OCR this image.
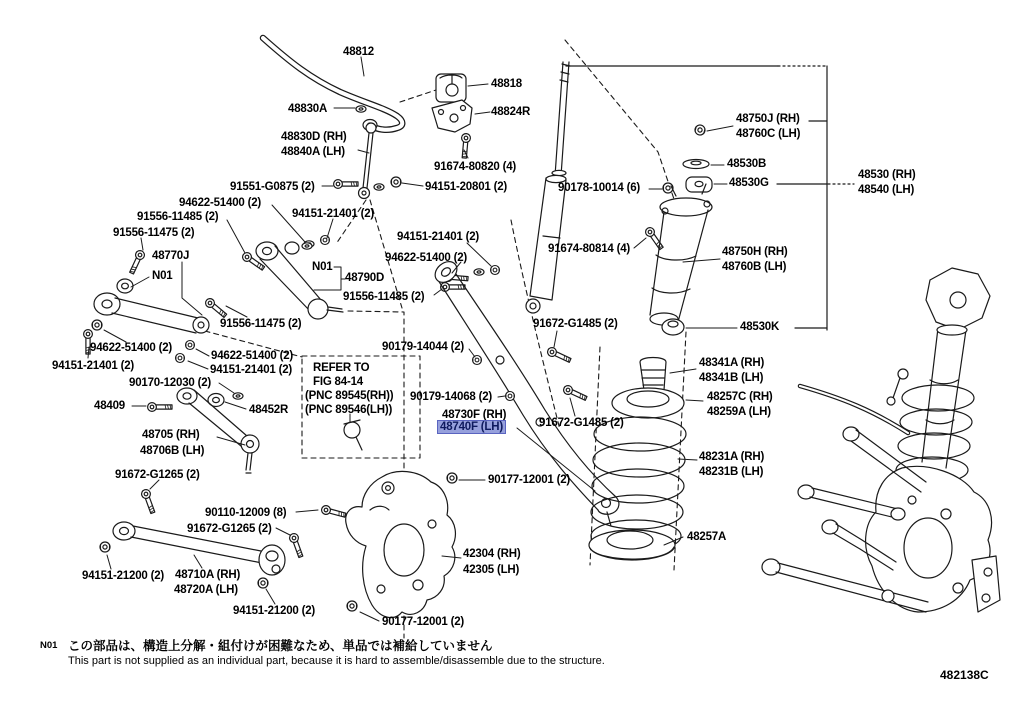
48812
48818
48830A	48824R
48830D (RH)
48840A (LH)
91674-80820 (4)
90178-10014 (6)
94151-20801 (2)
91551-G0875 (2)
94622-51400 (2)
94151-21401 (2)
91556-11485 (2)
91556-11475 (2)
48770J
N01
N01
48790D
91556-11485 (2)
91556-11475 (2)
94151-21401 (2)
94622-51400 (2)
91674-80814 (4)
90179-14044 (2)
REFER TO
FIG 84-14
(PNC 89545(RH))
(PNC 89546(LH))
90179-14068 (2)
48730F (RH)
48740F (LH)
91672-G1485 (2)
91672-G1485 (2)
48750J (RH)
48760C (LH)
48530B
48530G
48530 (RH)
48540 (LH)
48750H (RH)
48760B (LH)
48530K
48341A (RH)
48341B (LH)
48257C (RH)
48259A (LH)
48231A (RH)
48231B (LH)
48257A
94622-51400 (2)
94151-21401 (2)
94622-51400 (2)
94151-21401 (2)
90170-12030 (2)
48409	48452R
48705 (RH)
48706B (LH)
91672-G1265 (2)
90110-12009 (8)
91672-G1265 (2)
94151-21200 (2) 48710A (RH)
48720A (LH)
94151-21200 (2)
90177-12001 (2)
42304 (RH)
42305 (LH)
90177-12001 (2)
N01 この部品は、構造上分解・組付けが困難なため、単品では補給していません
This part is not supplied as an individual part, because it is hard to assemble/disassemble due to the structure.
482138C
